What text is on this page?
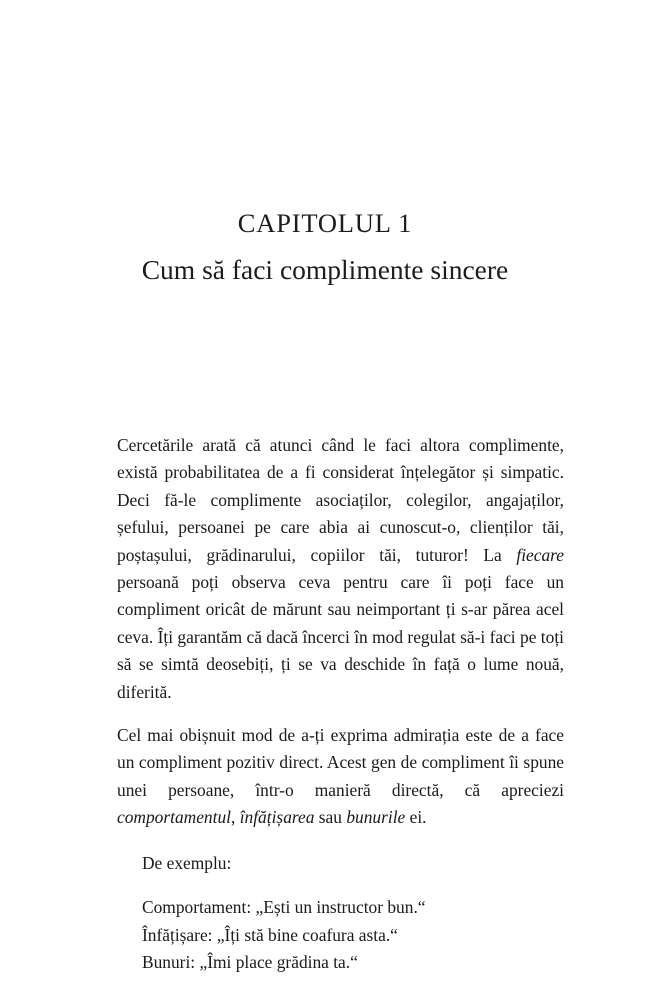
CAPITOLUL 1
Cum să faci complimente sincere

Cercetările arată că atunci când le faci altora complimente, există probabilitatea de a fi considerat înțelegător și simpatic. Deci fă-le complimente asociaților, colegilor, angajaților, șefului, persoanei pe care abia ai cunoscut-o, clienților tăi, poștașului, grădinarului, copiilor tăi, tuturor! La fiecare persoană poți observa ceva pentru care îi poți face un compliment oricât de mărunt sau neimportant ți s-ar părea acel ceva. Îți garantăm că dacă încerci în mod regulat să-i faci pe toți să se simtă deosebiți, ți se va deschide în față o lume nouă, diferită.

Cel mai obișnuit mod de a-ți exprima admirația este de a face un compliment pozitiv direct. Acest gen de compliment îi spune unei persoane, într-o manieră directă, că apreciezi comportamentul, înfățișarea sau bunurile ei.

De exemplu:

Comportament: „Ești un instructor bun.“
Înfățișare: „Îți stă bine coafura asta.“
Bunuri: „Îmi place grădina ta.“
